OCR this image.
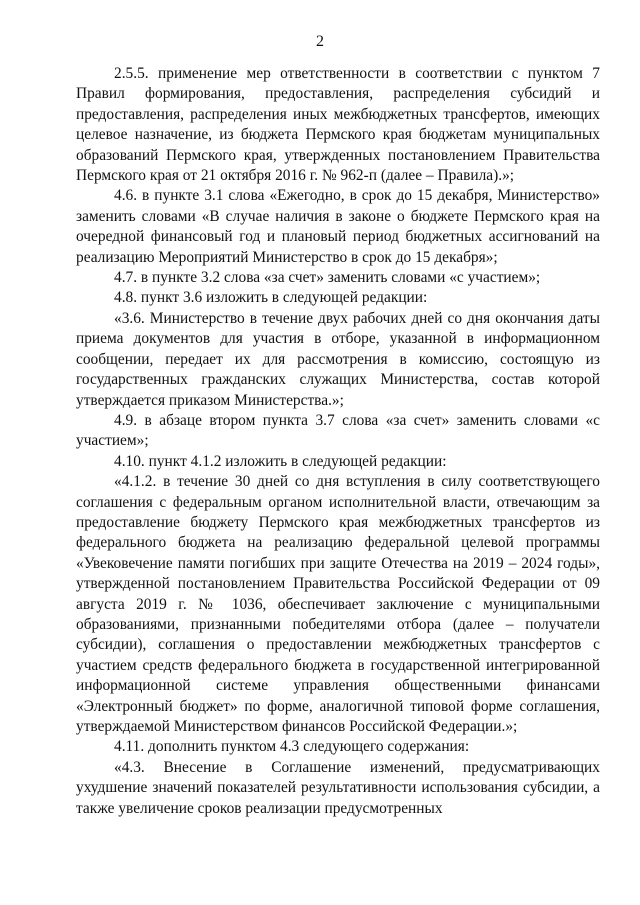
2

2.5.5. применение мер ответственности в соответствии с пунктом 7 Правил формирования, предоставления, распределения субсидий и предоставления, распределения иных межбюджетных трансфертов, имеющих целевое назначение, из бюджета Пермского края бюджетам муниципальных образований Пермского края, утвержденных постановлением Правительства Пермского края от 21 октября 2016 г. № 962-п (далее – Правила).»;

4.6. в пункте 3.1 слова «Ежегодно, в срок до 15 декабря, Министерство» заменить словами «В случае наличия в законе о бюджете Пермского края на очередной финансовый год и плановый период бюджетных ассигнований на реализацию Мероприятий Министерство в срок до 15 декабря»;

4.7. в пункте 3.2 слова «за счет» заменить словами «с участием»;

4.8. пункт 3.6 изложить в следующей редакции:

«3.6. Министерство в течение двух рабочих дней со дня окончания даты приема документов для участия в отборе, указанной в информационном сообщении, передает их для рассмотрения в комиссию, состоящую из государственных гражданских служащих Министерства, состав которой утверждается приказом Министерства.»;

4.9. в абзаце втором пункта 3.7 слова «за счет» заменить словами «с участием»;

4.10. пункт 4.1.2 изложить в следующей редакции:

«4.1.2. в течение 30 дней со дня вступления в силу соответствующего соглашения с федеральным органом исполнительной власти, отвечающим за предоставление бюджету Пермского края межбюджетных трансфертов из федерального бюджета на реализацию федеральной целевой программы «Увековечение памяти погибших при защите Отечества на 2019 – 2024 годы», утвержденной постановлением Правительства Российской Федерации от 09 августа 2019 г. № 1036, обеспечивает заключение с муниципальными образованиями, признанными победителями отбора (далее – получатели субсидии), соглашения о предоставлении межбюджетных трансфертов с участием средств федерального бюджета в государственной интегрированной информационной системе управления общественными финансами «Электронный бюджет» по форме, аналогичной типовой форме соглашения, утверждаемой Министерством финансов Российской Федерации.»;

4.11. дополнить пунктом 4.3 следующего содержания:

«4.3. Внесение в Соглашение изменений, предусматривающих ухудшение значений показателей результативности использования субсидии, а также увеличение сроков реализации предусмотренных
